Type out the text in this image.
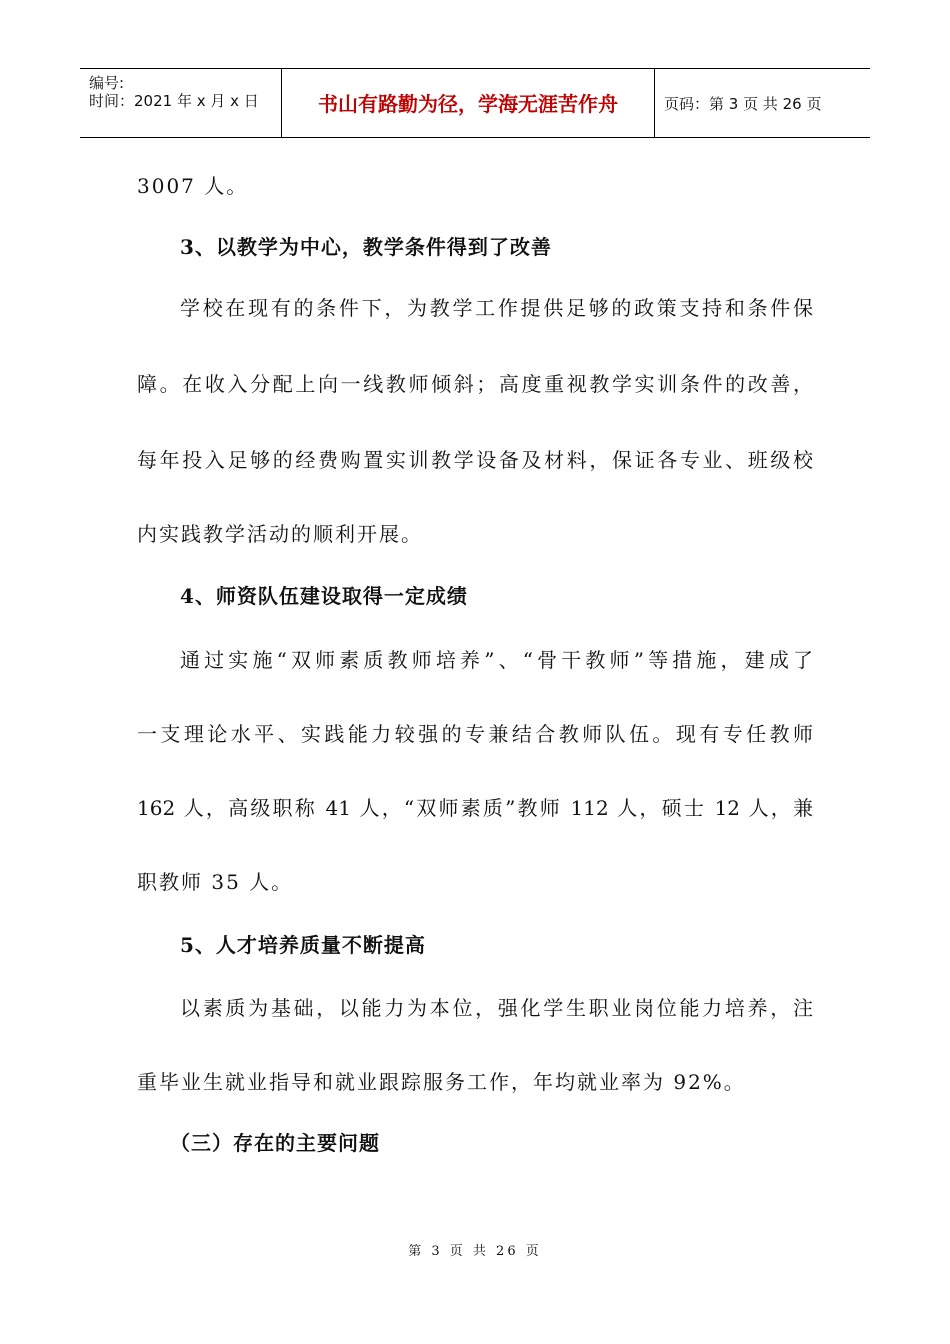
编号:
时间：2021 年 x 月 x 日	书山有路勤为径，学海无涯苦作舟	页码：第 3 页 共 26 页
3007 人。
3、以教学为中心，教学条件得到了改善
学校在现有的条件下，为教学工作提供足够的政策支持和条件保
障。在收入分配上向一线教师倾斜；高度重视教学实训条件的改善，
每年投入足够的经费购置实训教学设备及材料，保证各专业、班级校
内实践教学活动的顺利开展。
4、师资队伍建设取得一定成绩
通过实施“双师素质教师培养”、“骨干教师”等措施，建成了
一支理论水平、实践能力较强的专兼结合教师队伍。现有专任教师
162 人，高级职称 41 人，“双师素质”教师 112 人，硕士 12 人，兼
职教师 35 人。
5、人才培养质量不断提高
以素质为基础，以能力为本位，强化学生职业岗位能力培养，注
重毕业生就业指导和就业跟踪服务工作，年均就业率为 92%。
（三）存在的主要问题
第 3 页 共 26 页
